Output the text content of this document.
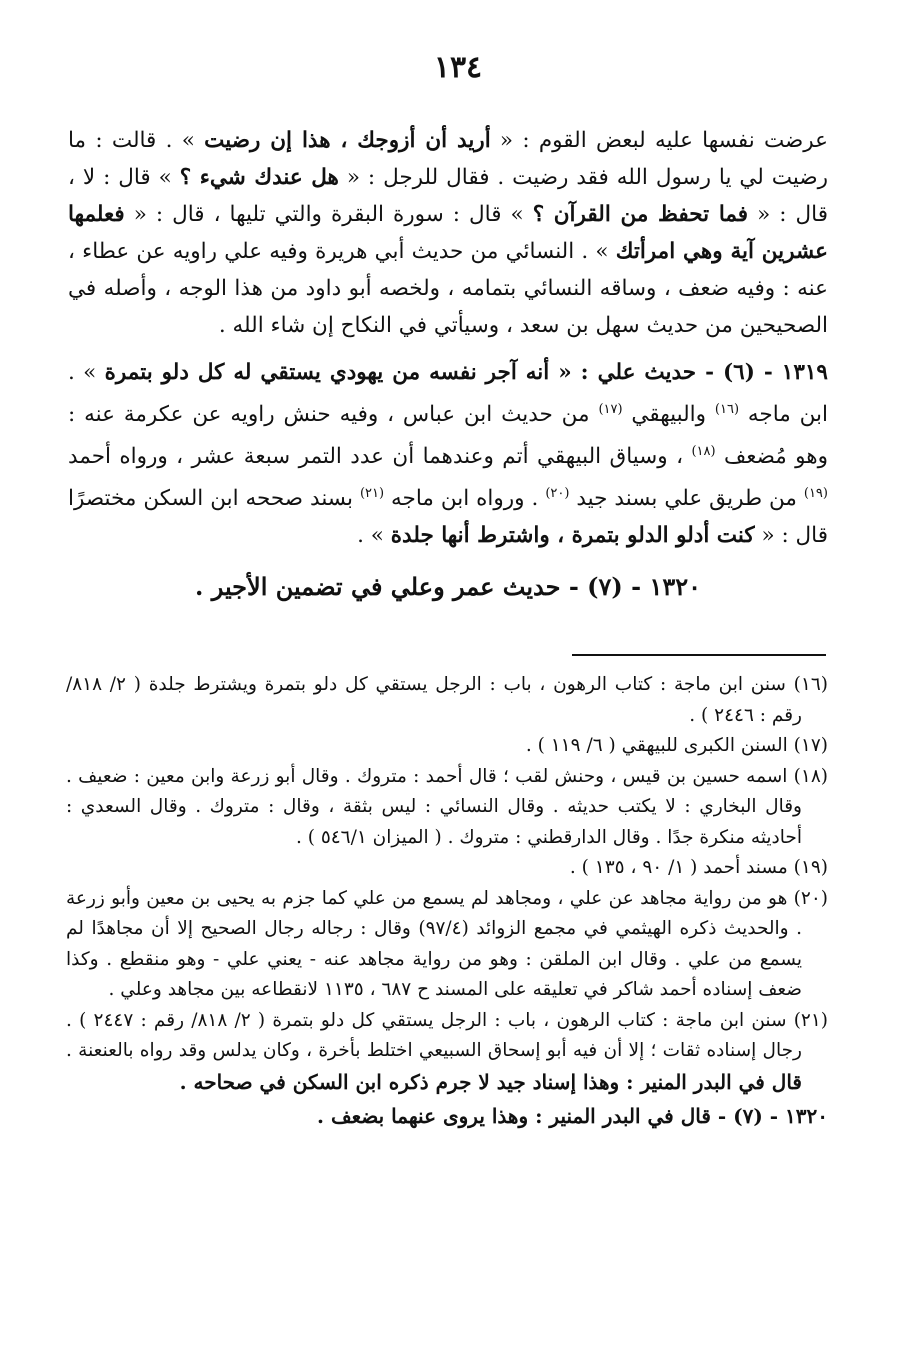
١٣٤

عرضت نفسها عليه لبعض القوم : « أريد أن أزوجك ، هذا إن رضيت » . قالت : ما رضيت لي يا رسول الله فقد رضيت . فقال للرجل : « هل عندك شيء ؟ » قال : لا ، قال : « فما تحفظ من القرآن ؟ » قال : سورة البقرة والتي تليها ، قال : « فعلمها عشرين آية وهي امرأتك » . النسائي من حديث أبي هريرة وفيه علي راويه عن عطاء ، عنه : وفيه ضعف ، وساقه النسائي بتمامه ، ولخصه أبو داود من هذا الوجه ، وأصله في الصحيحين من حديث سهل بن سعد ، وسيأتي في النكاح إن شاء الله .

١٣١٩ - (٦) - حديث علي : « أنه آجر نفسه من يهودي يستقي له كل دلو بتمرة » . ابن ماجه $^{(١٦)}$ والبيهقي $^{(١٧)}$ من حديث ابن عباس ، وفيه حنش راويه عن عكرمة عنه : وهو مُضعف $^{(١٨)}$ ، وسياق البيهقي أتم وعندهما أن عدد التمر سبعة عشر ، ورواه أحمد $^{(١٩)}$ من طريق علي بسند جيد $^{(٢٠)}$ . ورواه ابن ماجه $^{(٢١)}$ بسند صححه ابن السكن مختصرًا قال : « كنت أدلو الدلو بتمرة ، واشترط أنها جلدة » .

١٣٢٠ - (٧) - حديث عمر وعلي في تضمين الأجير .

(١٦) سنن ابن ماجة : كتاب الرهون ، باب : الرجل يستقي كل دلو بتمرة ويشترط جلدة ( ٢/ ٨١٨/ رقم : ٢٤٤٦ ) .

(١٧) السنن الكبرى للبيهقي ( ٦/ ١١٩ ) .

(١٨) اسمه حسين بن قيس ، وحنش لقب ؛ قال أحمد : متروك . وقال أبو زرعة وابن معين : ضعيف . وقال البخاري : لا يكتب حديثه . وقال النسائي : ليس بثقة ، وقال : متروك . وقال السعدي : أحاديثه منكرة جدًا . وقال الدارقطني : متروك . ( الميزان ٥٤٦/١ ) .

(١٩) مسند أحمد ( ١/ ٩٠ ، ١٣٥ ) .

(٢٠) هو من رواية مجاهد عن علي ، ومجاهد لم يسمع من علي كما جزم به يحيى بن معين وأبو زرعة . والحديث ذكره الهيثمي في مجمع الزوائد (٩٧/٤) وقال : رجاله رجال الصحيح إلا أن مجاهدًا لم يسمع من علي . وقال ابن الملقن : وهو من رواية مجاهد عنه - يعني علي - وهو منقطع . وكذا ضعف إسناده أحمد شاكر في تعليقه على المسند ح ٦٨٧ ، ١١٣٥ لانقطاعه بين مجاهد وعلي .

(٢١) سنن ابن ماجة : كتاب الرهون ، باب : الرجل يستقي كل دلو بتمرة ( ٢/ ٨١٨/ رقم : ٢٤٤٧ ) . رجال إسناده ثقات ؛ إلا أن فيه أبو إسحاق السبيعي اختلط بأخرة ، وكان يدلس وقد رواه بالعنعنة . قال في البدر المنير : وهذا إسناد جيد لا جرم ذكره ابن السكن في صحاحه .

١٣٢٠ - (٧) - قال في البدر المنير : وهذا يروى عنهما بضعف .
